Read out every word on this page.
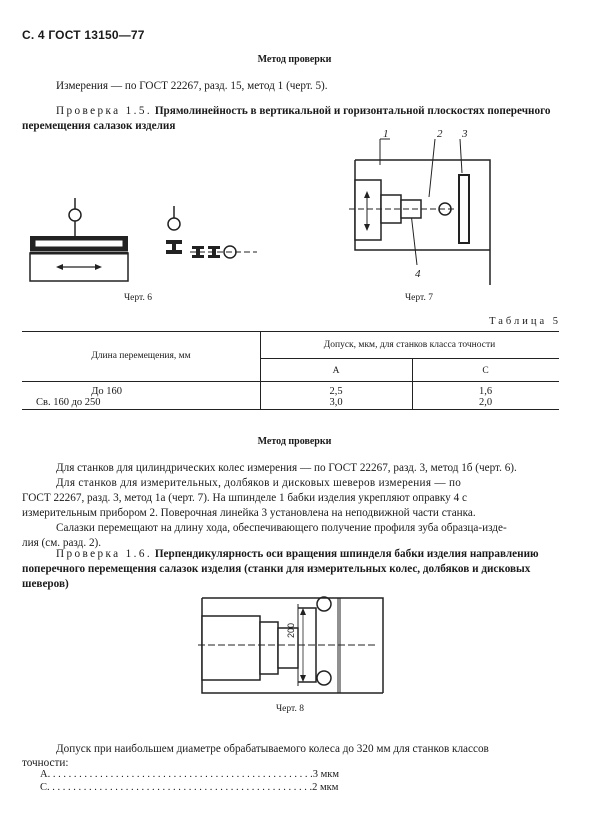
С. 4 ГОСТ 13150—77
Метод проверки
Измерения — по ГОСТ 22267, разд. 15, метод 1 (черт. 5).
Проверка 1.5. Прямолинейность в вертикальной и горизонтальной плоскостях поперечного
перемещения салазок изделия
Черт. 6
1	2 3
4
Черт. 7
Таблица 5
Длина перемещения, мм
Допуск, мкм, для станков класса точности
А	С
До 160	2,5	1,6
Св. 160 до 250	3,0	2,0
Метод проверки
Для станков для цилиндрических колес измерения — по ГОСТ 22267, разд. 3, метод 1б (черт. 6).
Для станков для измерительных, долбяков и дисковых шеверов измерения — по
ГОСТ 22267, разд. 3, метод 1а (черт. 7). На шпинделе 1 бабки изделия укрепляют оправку 4 с
измерительным прибором 2. Поверочная линейка 3 установлена на неподвижной части станка.
Салазки перемещают на длину хода, обеспечивающего получение профиля зуба образца-изде-
лия (см. разд. 2).
Проверка 1.6. Перпендикулярность оси вращения шпинделя бабки изделия направлению
поперечного перемещения салазок изделия (станки для измерительных колес, долбяков и дисковых
шеверов)
200
Черт. 8
Допуск при наибольшем диаметре обрабатываемого колеса до 320 мм для станков классов
точности:
А. . . . . . . . . . . . . . . . . . . . . . . . . . . . . . . . . . . . . . . . . . . . . . . . . . .3 мкм
С. . . . . . . . . . . . . . . . . . . . . . . . . . . . . . . . . . . . . . . . . . . . . . . . . . .2 мкм
